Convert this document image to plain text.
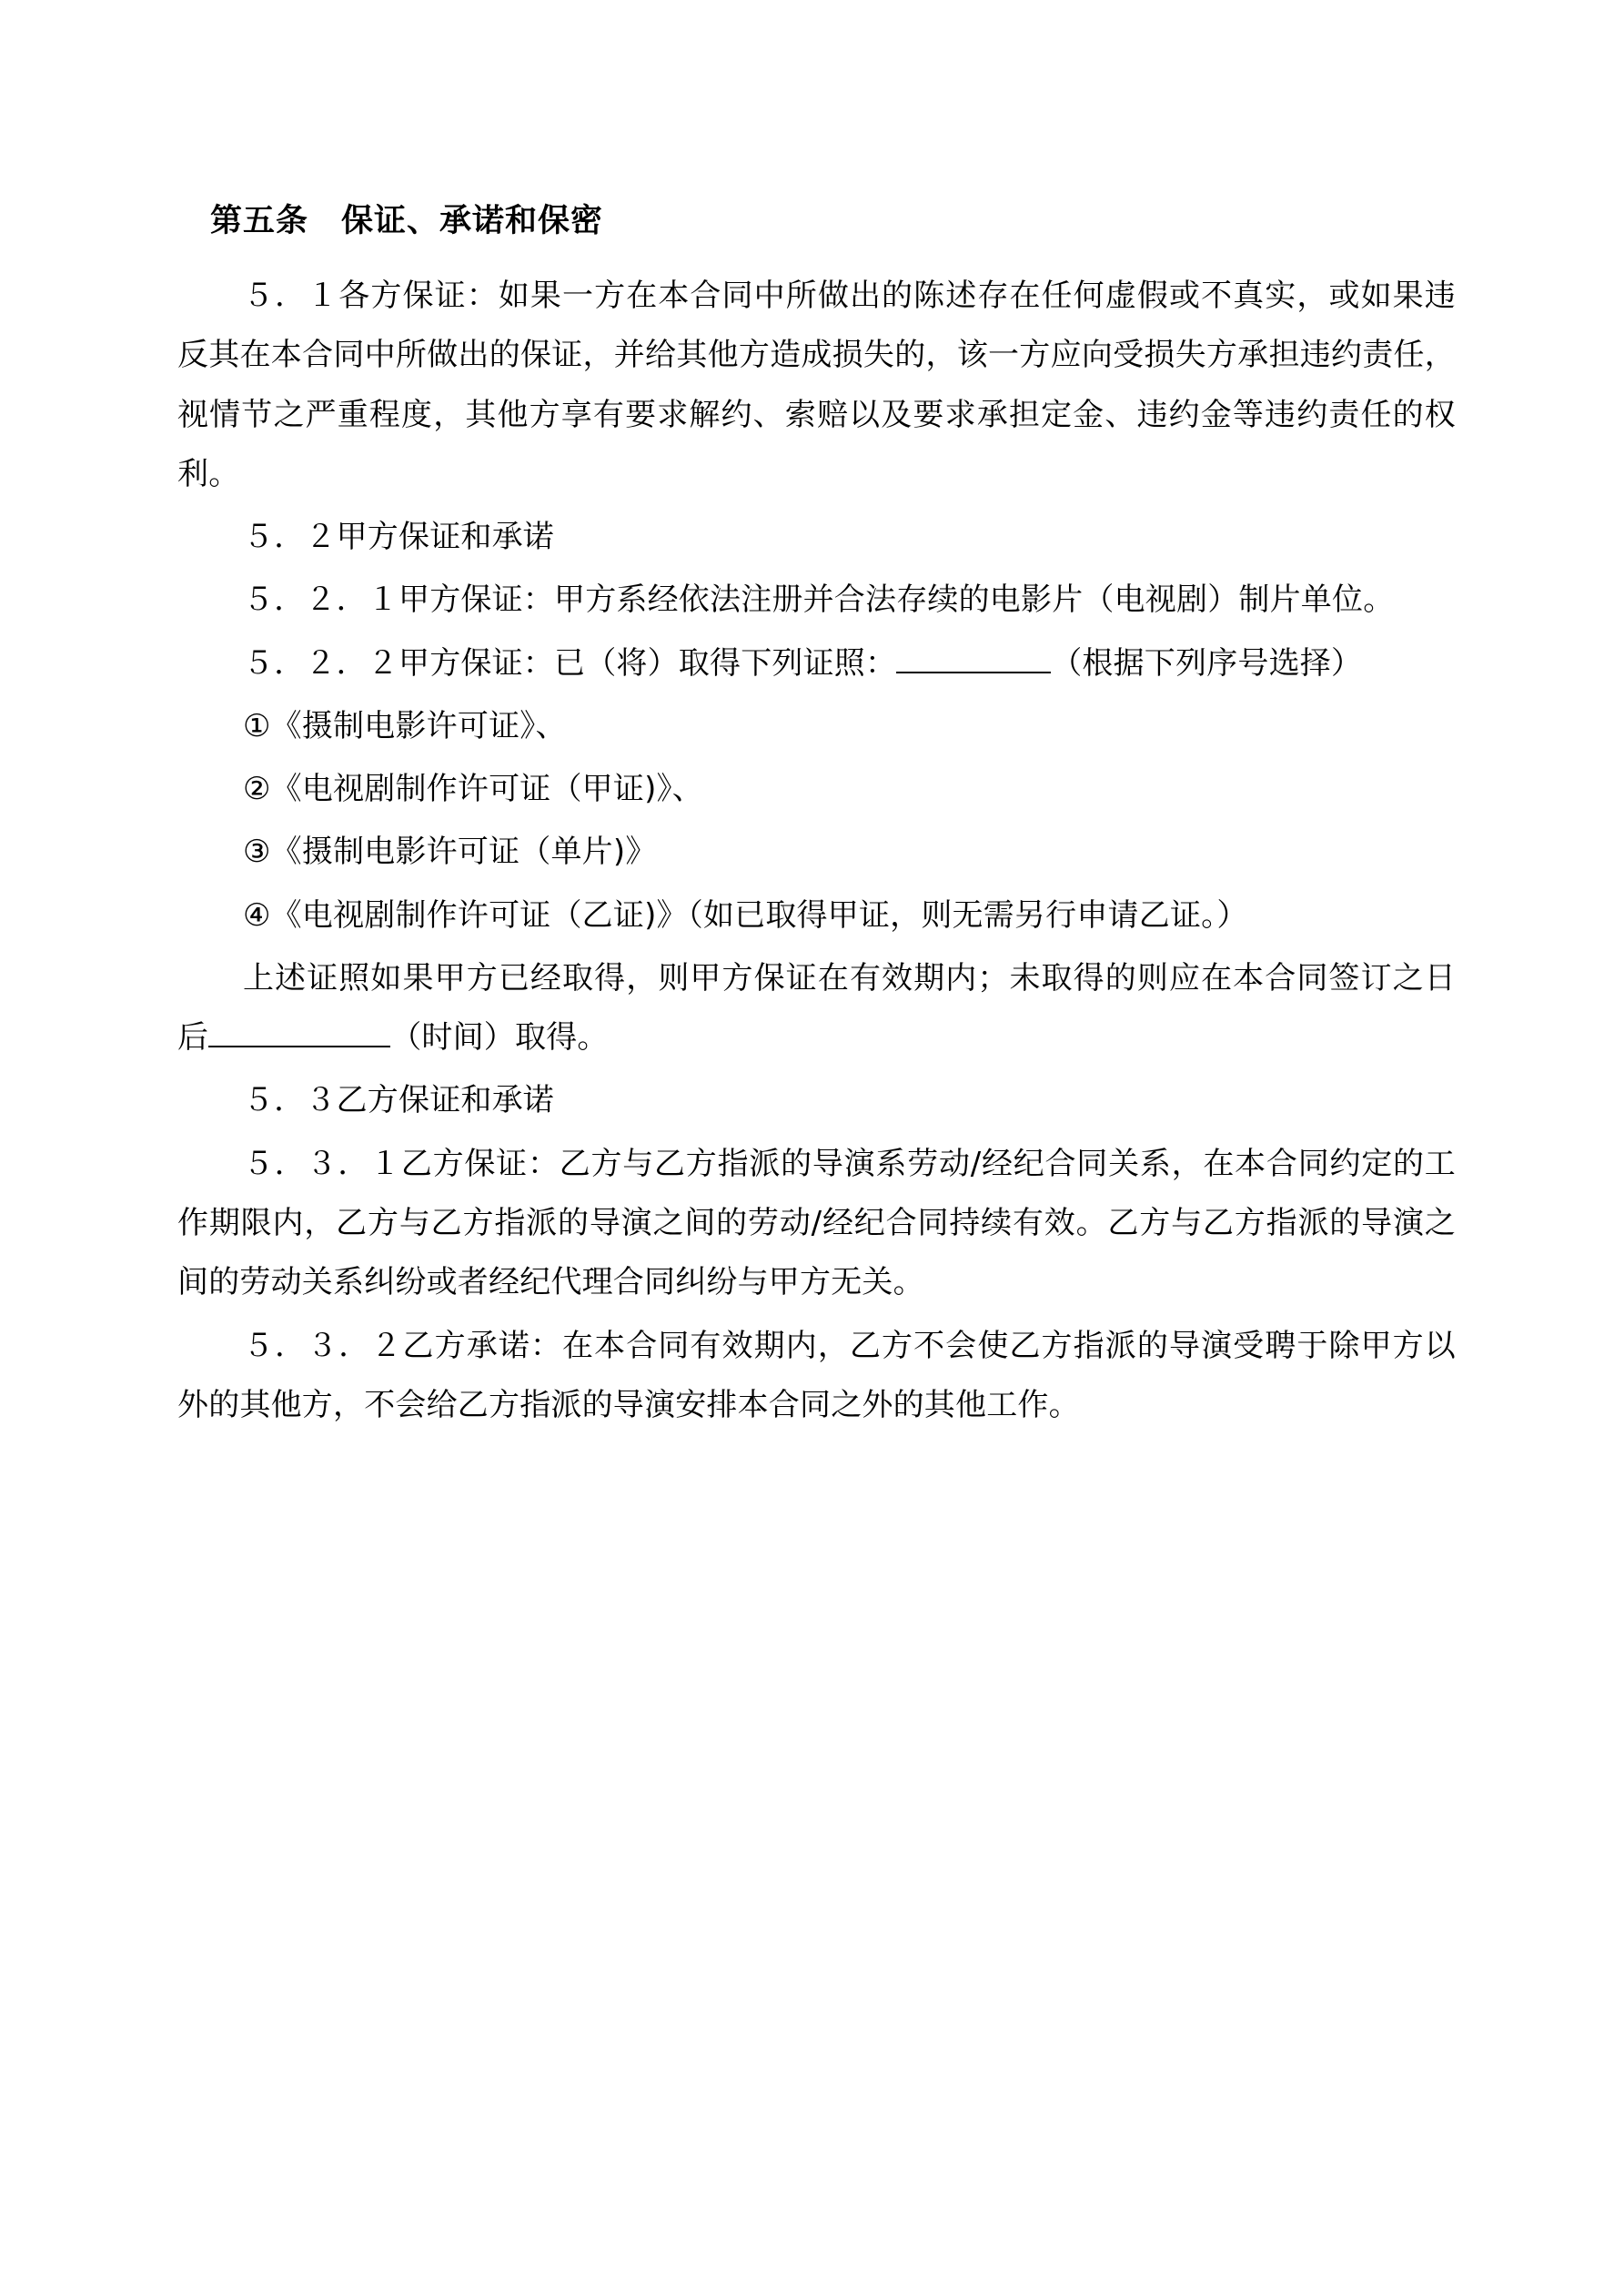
第五条　保证、承诺和保密

５．１各方保证：如果一方在本合同中所做出的陈述存在任何虚假或不真实，或如果违反其在本合同中所做出的保证，并给其他方造成损失的，该一方应向受损失方承担违约责任，视情节之严重程度，其他方享有要求解约、索赔以及要求承担定金、违约金等违约责任的权利。

５．２甲方保证和承诺

５．２．１甲方保证：甲方系经依法注册并合法存续的电影片（电视剧）制片单位。

５．２．２甲方保证：已（将）取得下列证照：	（根据下列序号选择）

①《摄制电影许可证》、

②《电视剧制作许可证（甲证)》、

③《摄制电影许可证（单片)》

④《电视剧制作许可证（乙证)》（如已取得甲证，则无需另行申请乙证。）

上述证照如果甲方已经取得，则甲方保证在有效期内；未取得的则应在本合同签订之日后	（时间）取得。

５．３乙方保证和承诺

５．３．１乙方保证：乙方与乙方指派的导演系劳动/经纪合同关系，在本合同约定的工作期限内，乙方与乙方指派的导演之间的劳动/经纪合同持续有效。乙方与乙方指派的导演之间的劳动关系纠纷或者经纪代理合同纠纷与甲方无关。

５．３．２乙方承诺：在本合同有效期内，乙方不会使乙方指派的导演受聘于除甲方以外的其他方，不会给乙方指派的导演安排本合同之外的其他工作。
